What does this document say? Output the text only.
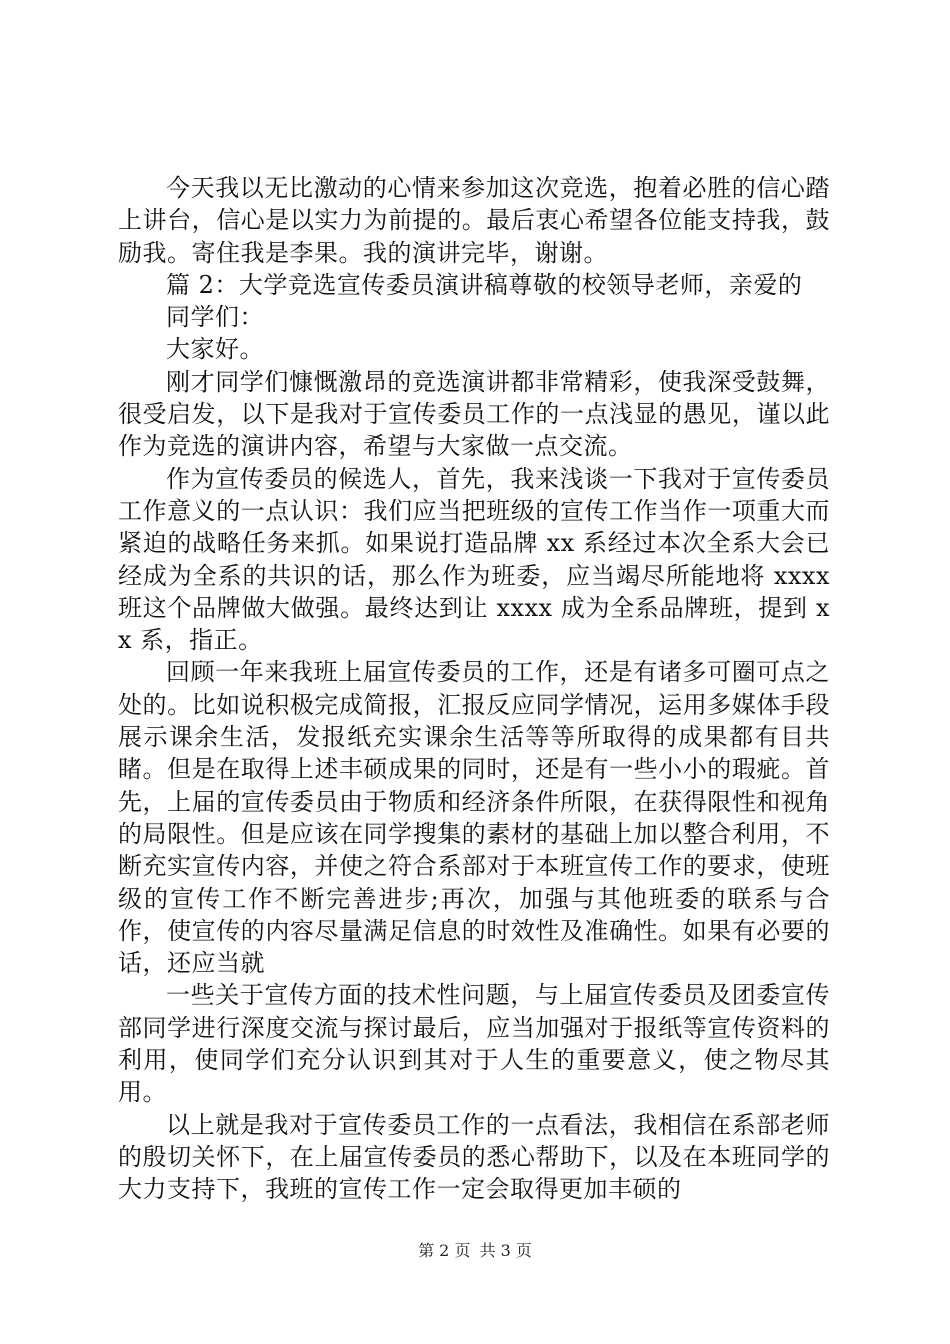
今天我以无比激动的心情来参加这次竞选，抱着必胜的信心踏上讲台，信心是以实力为前提的。最后衷心希望各位能支持我，鼓励我。寄住我是李果。我的演讲完毕，谢谢。

篇 2：大学竞选宣传委员演讲稿尊敬的校领导老师，亲爱的

同学们：

大家好。

刚才同学们慷慨激昂的竞选演讲都非常精彩，使我深受鼓舞，很受启发，以下是我对于宣传委员工作的一点浅显的愚见，谨以此作为竞选的演讲内容，希望与大家做一点交流。

作为宣传委员的候选人，首先，我来浅谈一下我对于宣传委员工作意义的一点认识：我们应当把班级的宣传工作当作一项重大而紧迫的战略任务来抓。如果说打造品牌 xx 系经过本次全系大会已经成为全系的共识的话，那么作为班委，应当竭尽所能地将 xxxx 班这个品牌做大做强。最终达到让 xxxx 成为全系品牌班，提到 xx 系，指正。

回顾一年来我班上届宣传委员的工作，还是有诸多可圈可点之处的。比如说积极完成简报，汇报反应同学情况，运用多媒体手段展示课余生活，发报纸充实课余生活等等所取得的成果都有目共睹。但是在取得上述丰硕成果的同时，还是有一些小小的瑕疵。首先，上届的宣传委员由于物质和经济条件所限，在获得限性和视角的局限性。但是应该在同学搜集的素材的基础上加以整合利用，不断充实宣传内容，并使之符合系部对于本班宣传工作的要求，使班级的宣传工作不断完善进步;再次，加强与其他班委的联系与合作，使宣传的内容尽量满足信息的时效性及准确性。如果有必要的话，还应当就

一些关于宣传方面的技术性问题，与上届宣传委员及团委宣传部同学进行深度交流与探讨最后，应当加强对于报纸等宣传资料的利用，使同学们充分认识到其对于人生的重要意义，使之物尽其用。

以上就是我对于宣传委员工作的一点看法，我相信在系部老师的殷切关怀下，在上届宣传委员的悉心帮助下，以及在本班同学的大力支持下，我班的宣传工作一定会取得更加丰硕的

第 2 页 共 3 页
